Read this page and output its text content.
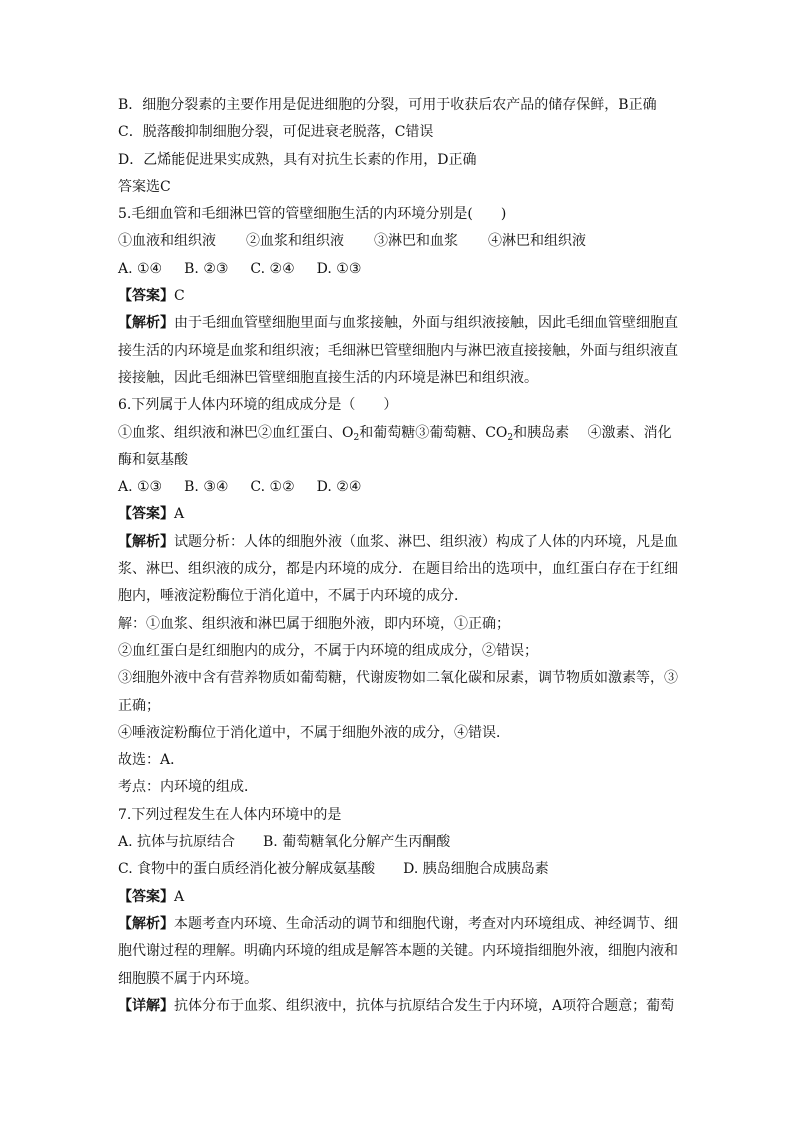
B．细胞分裂素的主要作用是促进细胞的分裂，可用于收获后农产品的储存保鲜，B正确
C．脱落酸抑制细胞分裂，可促进衰老脱落，C错误
D．乙烯能促进果实成熟，具有对抗生长素的作用，D正确
答案选C
5.毛细血管和毛细淋巴管的管壁细胞生活的内环境分别是(　　)
①血液和组织液 ②血浆和组织液 ③淋巴和血浆 ④淋巴和组织液
A. ①④ B. ②③ C. ②④ D. ①③
【答案】C
【解析】由于毛细血管壁细胞里面与血浆接触，外面与组织液接触，因此毛细血管壁细胞直接生活的内环境是血浆和组织液；毛细淋巴管壁细胞内与淋巴液直接接触，外面与组织液直接接触，因此毛细淋巴管壁细胞直接生活的内环境是淋巴和组织液。
6.下列属于人体内环境的组成成分是（　　）
①血浆、组织液和淋巴②血红蛋白、$O_2$和葡萄糖③葡萄糖、$CO_2$和胰岛素　 ④激素、消化
酶和氨基酸
A. ①③ B. ③④ C. ①② D. ②④
【答案】A
【解析】试题分析：人体的细胞外液（血浆、淋巴、组织液）构成了人体的内环境，凡是血浆、淋巴、组织液的成分，都是内环境的成分．在题目给出的选项中，血红蛋白存在于红细胞内，唾液淀粉酶位于消化道中，不属于内环境的成分．
解：①血浆、组织液和淋巴属于细胞外液，即内环境，①正确；
②血红蛋白是红细胞内的成分，不属于内环境的组成成分，②错误；
③细胞外液中含有营养物质如葡萄糖，代谢废物如二氧化碳和尿素，调节物质如激素等，③正确；
④唾液淀粉酶位于消化道中，不属于细胞外液的成分，④错误．
故选：A．
考点：内环境的组成．
7.下列过程发生在人体内环境中的是
A. 抗体与抗原结合 B. 葡萄糖氧化分解产生丙酮酸
C. 食物中的蛋白质经消化被分解成氨基酸 D. 胰岛细胞合成胰岛素
【答案】A
【解析】本题考查内环境、生命活动的调节和细胞代谢，考查对内环境组成、神经调节、细胞代谢过程的理解。明确内环境的组成是解答本题的关键。内环境指细胞外液，细胞内液和细胞膜不属于内环境。
【详解】抗体分布于血浆、组织液中，抗体与抗原结合发生于内环境，A项符合题意；葡萄
